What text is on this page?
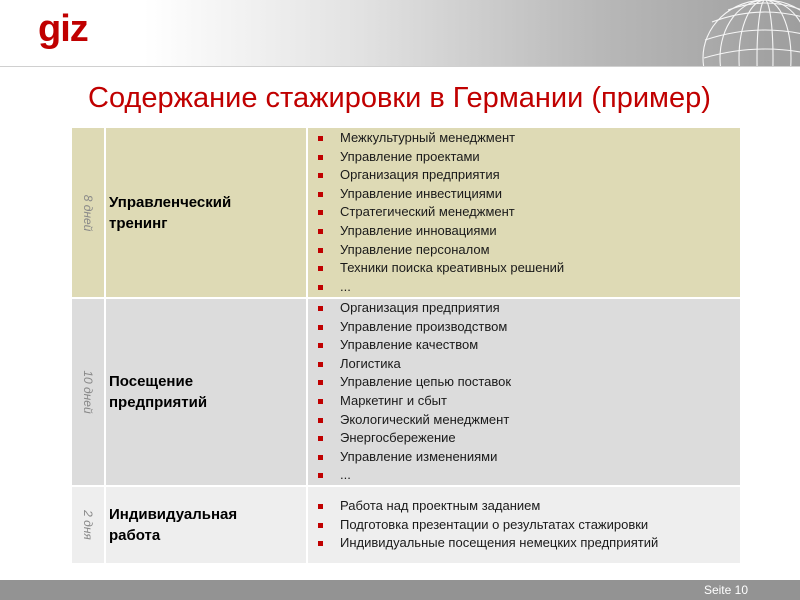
giz
Содержание стажировки в Германии (пример)
8 дней Управленческий тренинг
Межкультурный менеджмент
Управление проектами
Организация предприятия
Управление инвестициями
Стратегический менеджмент
Управление инновациями
Управление персоналом
Техники поиска креативных решений
...
10 дней Посещение предприятий
Организация предприятия
Управление производством
Управление качеством
Логистика
Управление цепью поставок
Маркетинг и сбыт
Экологический менеджмент
Энергосбережение
Управление изменениями
...
2 дня Индивидуальная работа
Работа над проектным заданием
Подготовка презентации о результатах стажировки
Индивидуальные посещения немецких предприятий
Seite 10
